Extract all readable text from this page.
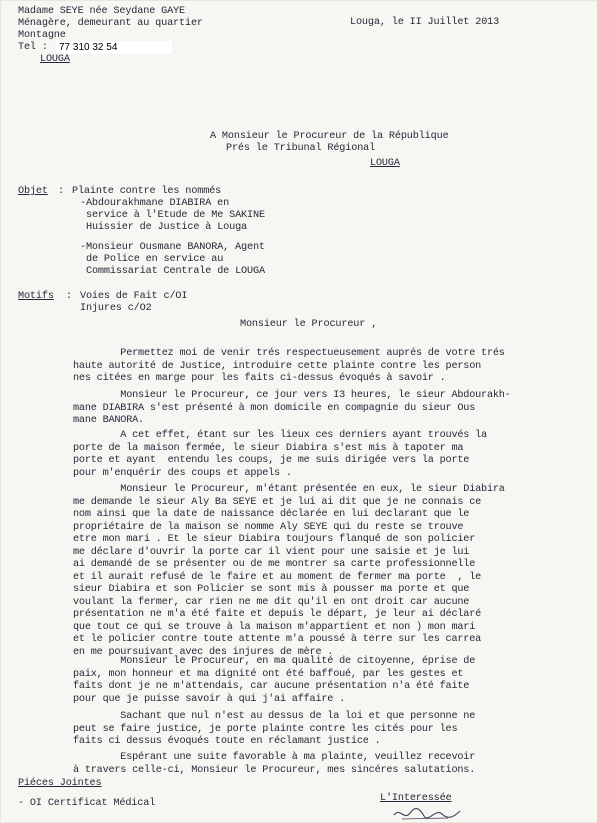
Madame SEYE née Seydane GAYE
Ménagère, demeurant au quartier
Montagne
Tel :	77 310 32 54
LOUGA
Louga, le II Juillet 2013
A Monsieur le Procureur de la République
Prés le Tribunal Régional
LOUGA
Objet : Plainte contre les nommés
-Abdourakhmane DIABIRA en
service à l'Etude de Me SAKINE
Huissier de Justice à Louga
-Monsieur Ousmane BANORA, Agent
de Police en service au
Commissariat Centrale de LOUGA
Motifs : Voies de Fait c/OI
Injures c/O2
Monsieur le Procureur ,
Permettez moi de venir trés respectueusement auprés de votre trés
haute autorité de Justice, introduire cette plainte contre les person
nes citées en marge pour les faits ci-dessus évoqués à savoir .
Monsieur le Procureur, ce jour vers I3 heures, le sieur Abdourakh-
mane DIABIRA s'est présenté à mon domicile en compagnie du sieur Ous
mane BANORA.
A cet effet, étant sur les lieux ces derniers ayant trouvés la
porte de la maison fermée, le sieur Diabira s'est mis à tapoter ma
porte et ayant  entendu les coups, je me suis dirigée vers la porte
pour m'enquérir des coups et appels .
Monsieur le Procureur, m'étant présentée en eux, le sieur Diabira
me demande le sieur Aly Ba SEYE et je lui ai dit que je ne connais ce
nom ainsi que la date de naissance déclarée en lui declarant que le
propriétaire de la maison se nomme Aly SEYE qui du reste se trouve
etre mon mari . Et le sieur Diabira toujours flanqué de son policier
me déclare d'ouvrir la porte car il vient pour une saisie et je lui
ai demandé de se présenter ou de me montrer sa carte professionnelle
et il aurait refusé de le faire et au moment de fermer ma porte  , le
sieur Diabira et son Policier se sont mis à pousser ma porte et que
voulant la fermer, car rien ne me dit qu'il en ont droit car aucune
présentation ne m'a été faite et depuis le départ, je leur ai déclaré
que tout ce qui se trouve à la maison m'appartient et non ) mon mari
et le policier contre toute attente m'a poussé à terre sur les carrea
en me poursuivant avec des injures de mère .
Monsieur le Procureur, en ma qualité de citoyenne, éprise de
paix, mon honneur et ma dignité ont été baffoué, par les gestes et
faits dont je ne m'attendais, car aucune présentation n'a été faite
pour que je puisse savoir à qui j'ai affaire .
Sachant que nul n'est au dessus de la loi et que personne ne
peut se faire justice, je porte plainte contre les cités pour les
faits ci dessus évoqués toute en réclamant justice .
Espérant une suite favorable à ma plainte, veuillez recevoir
à travers celle-ci, Monsieur le Procureur, mes sincéres salutations.
Piéces Jointes
- OI Certificat Médical	L'Interessée
